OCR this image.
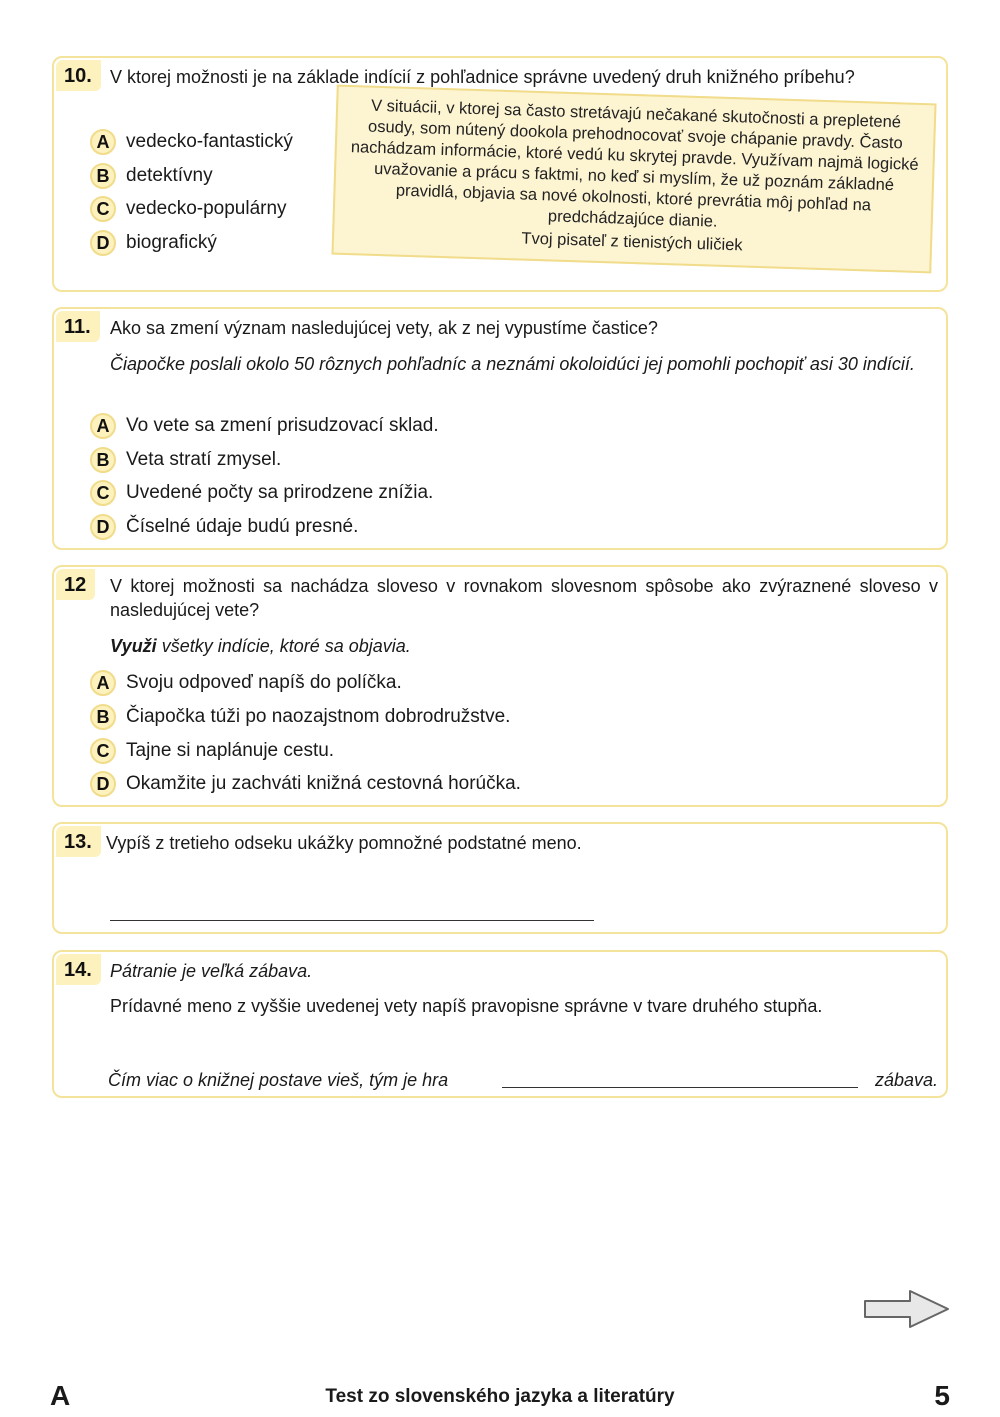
10.	V ktorej možnosti je na základe indícií z pohľadnice správne uvedený druh knižného príbehu?
A vedecko-fantastický
B detektívny
C vedecko-populárny
D biografický
V situácii, v ktorej sa často stretávajú nečakané skutočnosti a prepletené osudy, som nútený dookola prehodnocovať svoje chápanie pravdy. Často nachádzam informácie, ktoré vedú ku skrytej pravde. Využívam najmä logické uvažovanie a prácu s faktmi, no keď si myslím, že už poznám základné pravidlá, objavia sa nové okolnosti, ktoré prevrátia môj pohľad na predchádzajúce dianie.
Tvoj pisateľ z tienistých uličiek
11.	Ako sa zmení význam nasledujúcej vety, ak z nej vypustíme častice?
Čiapočke poslali okolo 50 rôznych pohľadníc a neznámi okoloidúci jej pomohli pochopiť asi 30 indícií.
A Vo vete sa zmení prisudzovací sklad.
B Veta stratí zmysel.
C Uvedené počty sa prirodzene znížia.
D Číselné údaje budú presné.
12	V ktorej možnosti sa nachádza sloveso v rovnakom slovesnom spôsobe ako zvýraznené sloveso v nasledujúcej vete?
Využi všetky indície, ktoré sa objavia.
A Svoju odpoveď napíš do políčka.
B Čiapočka túži po naozajstnom dobrodružstve.
C Tajne si naplánuje cestu.
D Okamžite ju zachváti knižná cestovná horúčka.
13. Vypíš z tretieho odseku ukážky pomnožné podstatné meno.
14.	Pátranie je veľká zábava.
Prídavné meno z vyššie uvedenej vety napíš pravopisne správne v tvare druhého stupňa.
Čím viac o knižnej postave vieš, tým je hra	zábava.
A	Test zo slovenského jazyka a literatúry	5
